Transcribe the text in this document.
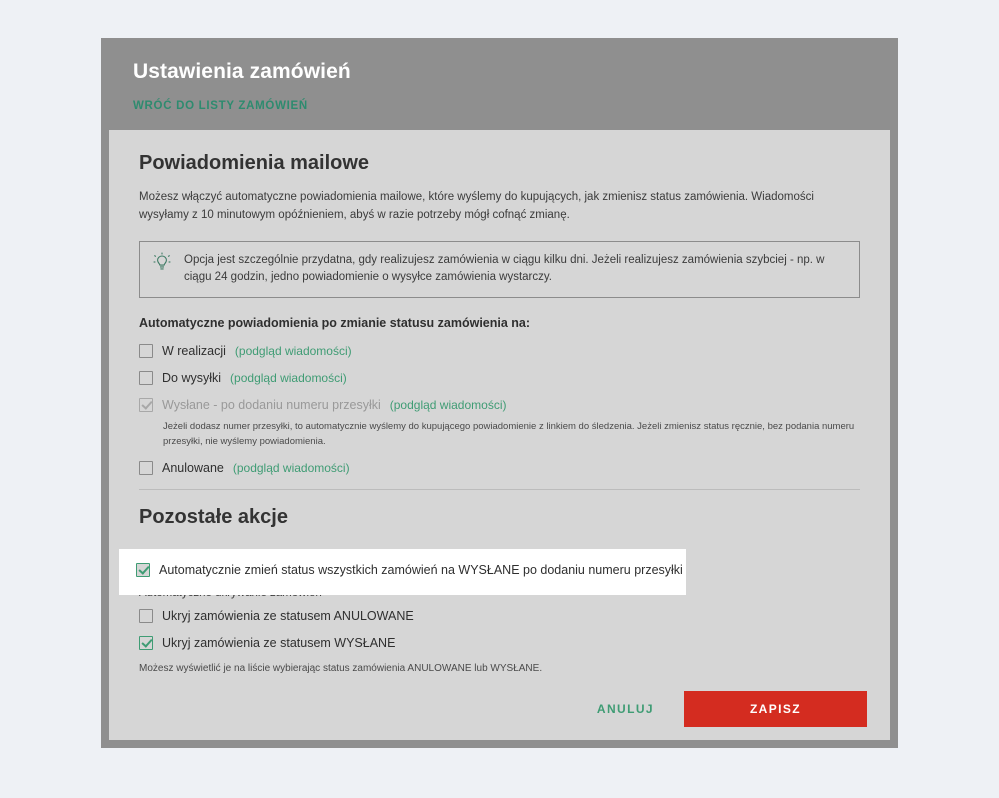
Ustawienia zamówień
WRÓĆ DO LISTY ZAMÓWIEŃ
Powiadomienia mailowe

Możesz włączyć automatyczne powiadomienia mailowe, które wyślemy do kupujących, jak zmienisz status zamówienia. Wiadomości wysyłamy z 10 minutowym opóźnieniem, abyś w razie potrzeby mógł cofnąć zmianę.

Opcja jest szczególnie przydatna, gdy realizujesz zamówienia w ciągu kilku dni. Jeżeli realizujesz zamówienia szybciej - np. w ciągu 24 godzin, jedno powiadomienie o wysyłce zamówienia wystarczy.

Automatyczne powiadomienia po zmianie statusu zamówienia na:

W realizacji (podgląd wiadomości)
Do wysyłki (podgląd wiadomości)
Wysłane - po dodaniu numeru przesyłki (podgląd wiadomości)

Jeżeli dodasz numer przesyłki, to automatycznie wyślemy do kupującego powiadomienie z linkiem do śledzenia. Jeżeli zmienisz status ręcznie, bez podania numeru przesyłki, nie wyślemy powiadomienia.

Anulowane (podgląd wiadomości)
Pozostałe akcje

Ukryj zamówienia ze statusem ANULOWANE
Ukryj zamówienia ze statusem WYSŁANE

Możesz wyświetlić je na liście wybierając status zamówienia ANULOWANE lub WYSŁANE.

ANULUJ	ZAPISZ
Automatycznie zmień status wszystkich zamówień na WYSŁANE po dodaniu numeru przesyłki
